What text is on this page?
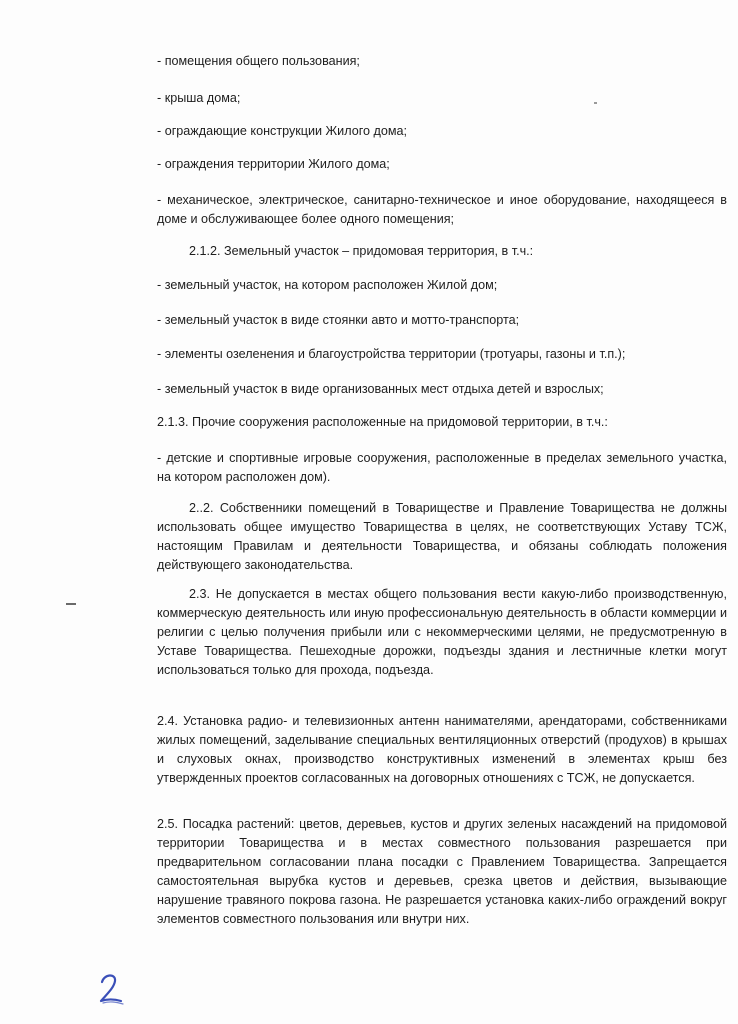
- помещения общего пользования;

- крыша дома;

- ограждающие конструкции Жилого дома;

- ограждения территории Жилого дома;

- механическое, электрическое, санитарно-техническое и иное оборудование, находящееся в доме и обслуживающее более одного помещения;

2.1.2. Земельный участок – придомовая территория, в т.ч.:

- земельный участок, на котором расположен Жилой дом;

- земельный участок в виде стоянки авто и мотто-транспорта;

- элементы озеленения и благоустройства территории (тротуары, газоны и т.п.);

- земельный участок в виде организованных мест отдыха детей и взрослых;

2.1.3. Прочие сооружения расположенные на придомовой территории, в т.ч.:

- детские и спортивные игровые сооружения, расположенные в пределах земельного участка, на котором расположен дом).

2..2. Собственники помещений в Товариществе и Правление Товарищества не должны использовать общее имущество Товарищества в целях, не соответствующих Уставу ТСЖ, настоящим Правилам и деятельности Товарищества, и обязаны соблюдать положения действующего законодательства.

2.3. Не допускается в местах общего пользования вести какую-либо производственную, коммерческую деятельность или иную профессиональную деятельность в области коммерции и религии с целью получения прибыли или с некоммерческими целями, не предусмотренную в Уставе Товарищества. Пешеходные дорожки, подъезды здания и лестничные клетки могут использоваться только для прохода, подъезда.

2.4. Установка радио- и телевизионных антенн нанимателями, арендаторами, собственниками жилых помещений, заделывание специальных вентиляционных отверстий (продухов) в крышах и слуховых окнах, производство конструктивных изменений в элементах крыш без утвержденных проектов согласованных на договорных отношениях с ТСЖ, не допускается.

2.5. Посадка растений: цветов, деревьев, кустов и других зеленых насаждений на придомовой территории Товарищества и в местах совместного пользования разрешается при предварительном согласовании плана посадки с Правлением Товарищества. Запрещается самостоятельная вырубка кустов и деревьев, срезка цветов и действия, вызывающие нарушение травяного покрова газона. Не разрешается установка каких-либо ограждений вокруг элементов совместного пользования или внутри них.
